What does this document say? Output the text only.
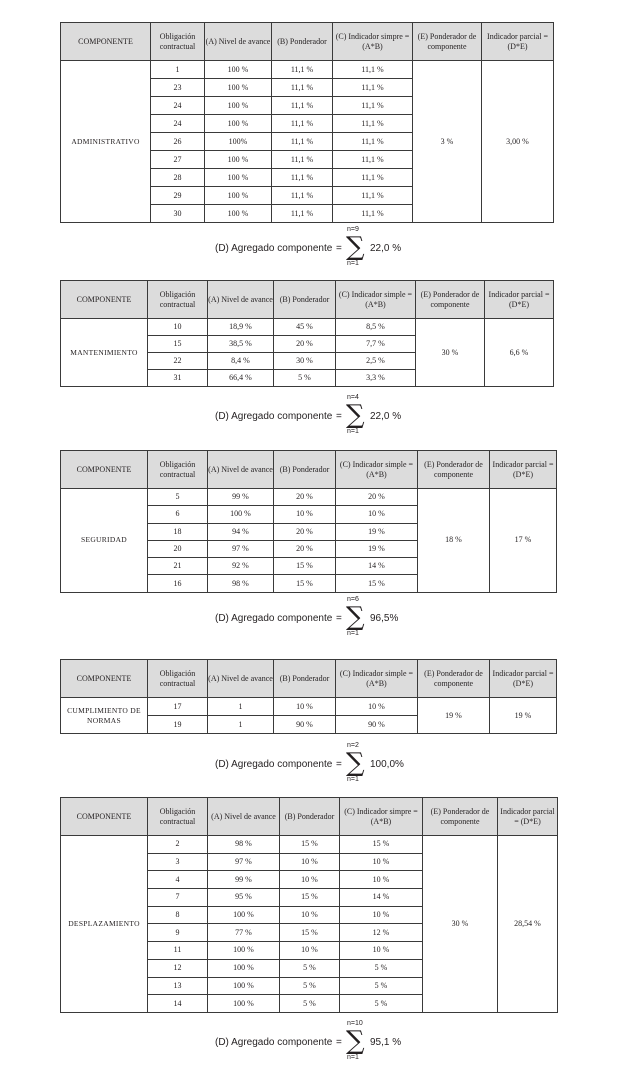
COMPONENTE	Obligación contractual	(A) Nivel de avance	(B) Ponderador	(C) Indicador simpre = (A*B)	(E) Ponderador de componente	Indicador parcial = (D*E)
ADMINISTRATIVO	1	100 %	11,1 %	11,1 %	3 %	3,00 %
	23	100 %	11,1 %	11,1 %		
	24	100 %	11,1 %	11,1 %		
	24	100 %	11,1 %	11,1 %		
	26	100%	11,1 %	11,1 %		
	27	100 %	11,1 %	11,1 %		
	28	100 %	11,1 %	11,1 %		
	29	100 %	11,1 %	11,1 %		
	30	100 %	11,1 %	11,1 %		
(D) Agregado componente =
n=9
∑
n=1
22,0 %
COMPONENTE	Obligación contractual	(A) Nivel de avance	(B) Ponderador	(C) Indicador simple = (A*B)	(E) Ponderador de componente	Indicador parcial = (D*E)
MANTENIMIENTO	10	18,9 %	45 %	8,5 %	30 %	6,6 %
	15	38,5 %	20 %	7,7 %		
	22	8,4 %	30 %	2,5 %		
	31	66,4 %	5 %	3,3 %		
(D) Agregado componente =
n=4
∑
n=1
22,0 %
COMPONENTE	Obligación contractual	(A) Nivel de avance	(B) Ponderador	(C) Indicador simple = (A*B)	(E) Ponderador de componente	Indicador parcial = (D*E)
SEGURIDAD	5	99 %	20 %	20 %	18 %	17 %
	6	100 %	10 %	10 %		
	18	94 %	20 %	19 %		
	20	97 %	20 %	19 %		
	21	92 %	15 %	14 %		
	16	98 %	15 %	15 %		
(D) Agregado componente =
n=6
∑
n=1
96,5%
COMPONENTE	Obligación contractual	(A) Nivel de avance	(B) Ponderador	(C) Indicador simple = (A*B)	(E) Ponderador de componente	Indicador parcial = (D*E)
CUMPLIMIENTO DE NORMAS	17	1	10 %	10 %	19 %	19 %
	19	1	90 %	90 %		
(D) Agregado componente =
n=2
∑
n=1
100,0%
COMPONENTE	Obligación contractual	(A) Nivel de avance	(B) Ponderador	(C) Indicador simpre = (A*B)	(E) Ponderador de componente	Indicador parcial = (D*E)
DESPLAZAMIENTO	2	98 %	15 %	15 %	30 %	28,54 %
	3	97 %	10 %	10 %		
	4	99 %	10 %	10 %		
	7	95 %	15 %	14 %		
	8	100 %	10 %	10 %		
	9	77 %	15 %	12 %		
	11	100 %	10 %	10 %		
	12	100 %	5 %	5 %		
	13	100 %	5 %	5 %		
	14	100 %	5 %	5 %		
(D) Agregado componente =
n=10
∑
n=1
95,1 %
